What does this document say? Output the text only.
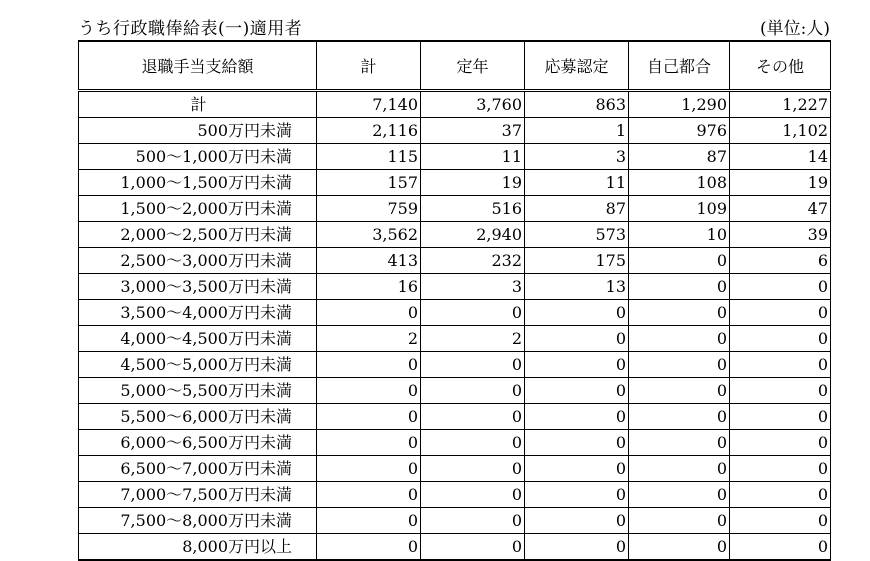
うち行政職俸給表(一)適用者	(単位:人)
退職手当支給額	計	定年	応募認定	自己都合	その他
計	7,140	3,760	863	1,290	1,227
500万円未満	2,116	37	1	976	1,102
500～1,000万円未満	115	11	3	87	14
1,000～1,500万円未満	157	19	11	108	19
1,500～2,000万円未満	759	516	87	109	47
2,000～2,500万円未満	3,562	2,940	573	10	39
2,500～3,000万円未満	413	232	175	0	6
3,000～3,500万円未満	16	3	13	0	0
3,500～4,000万円未満	0	0	0	0	0
4,000～4,500万円未満	2	2	0	0	0
4,500～5,000万円未満	0	0	0	0	0
5,000～5,500万円未満	0	0	0	0	0
5,500～6,000万円未満	0	0	0	0	0
6,000～6,500万円未満	0	0	0	0	0
6,500～7,000万円未満	0	0	0	0	0
7,000～7,500万円未満	0	0	0	0	0
7,500～8,000万円未満	0	0	0	0	0
8,000万円以上	0	0	0	0	0
